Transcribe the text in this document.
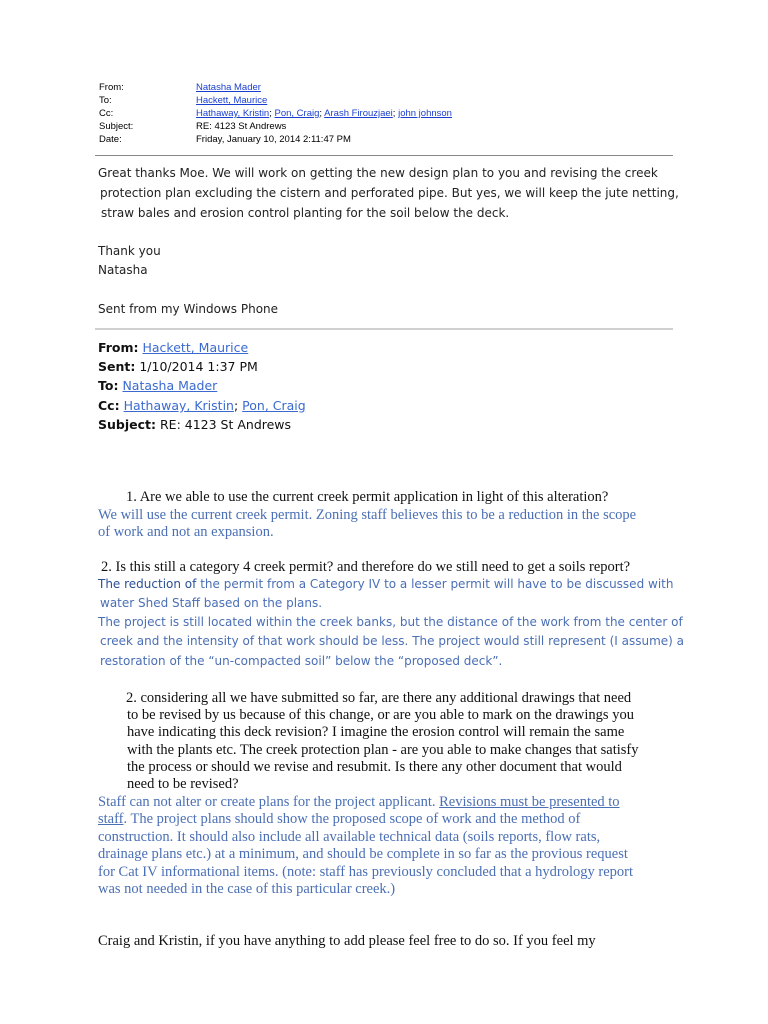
From:	Natasha Mader
To:	Hackett, Maurice
Cc:	Hathaway, Kristin; Pon, Craig; Arash Firouzjaei; john johnson
Subject:	RE: 4123 St Andrews
Date:	Friday, January 10, 2014 2:11:47 PM
Great thanks Moe. We will work on getting the new design plan to you and revising the creek
protection plan excluding the cistern and perforated pipe. But yes, we will keep the jute netting,
straw bales and erosion control planting for the soil below the deck.
Thank you
Natasha
Sent from my Windows Phone
From: Hackett, Maurice
Sent: 1/10/2014 1:37 PM
To: Natasha Mader
Cc: Hathaway, Kristin; Pon, Craig
Subject: RE: 4123 St Andrews
1. Are we able to use the current creek permit application in light of this alteration?
We will use the current creek permit. Zoning staff believes this to be a reduction in the scope
of work and not an expansion.
2. Is this still a category 4 creek permit? and therefore do we still need to get a soils report?
The reduction of the permit from a Category IV to a lesser permit will have to be discussed with
water Shed Staff based on the plans.
The project is still located within the creek banks, but the distance of the work from the center of
creek and the intensity of that work should be less. The project would still represent (I assume) a
restoration of the “un-compacted soil” below the “proposed deck”.
2. considering all we have submitted so far, are there any additional drawings that need
to be revised by us because of this change, or are you able to mark on the drawings you
have indicating this deck revision? I imagine the erosion control will remain the same
with the plants etc. The creek protection plan - are you able to make changes that satisfy
the process or should we revise and resubmit. Is there any other document that would
need to be revised?
Staff can not alter or create plans for the project applicant. Revisions must be presented to
staff. The project plans should show the proposed scope of work and the method of
construction. It should also include all available technical data (soils reports, flow rats,
drainage plans etc.) at a minimum, and should be complete in so far as the provious request
for Cat IV informational items. (note: staff has previously concluded that a hydrology report
was not needed in the case of this particular creek.)
Craig and Kristin, if you have anything to add please feel free to do so. If you feel my
